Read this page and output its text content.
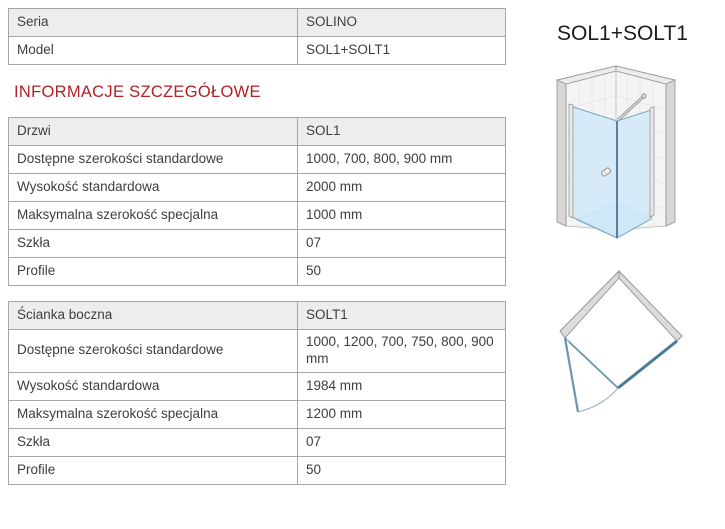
Seria	SOLINO
Model	SOL1+SOLT1
INFORMACJE SZCZEGÓŁOWE
Drzwi	SOL1
Dostępne szerokości standardowe	1000, 700, 800, 900 mm
Wysokość standardowa	2000 mm
Maksymalna szerokość specjalna	1000 mm
Szkła	07
Profile	50
Ścianka boczna	SOLT1
Dostępne szerokości standardowe	1000, 1200, 700, 750, 800, 900 mm
Wysokość standardowa	1984 mm
Maksymalna szerokość specjalna	1200 mm
Szkła	07
Profile	50
SOL1+SOLT1
